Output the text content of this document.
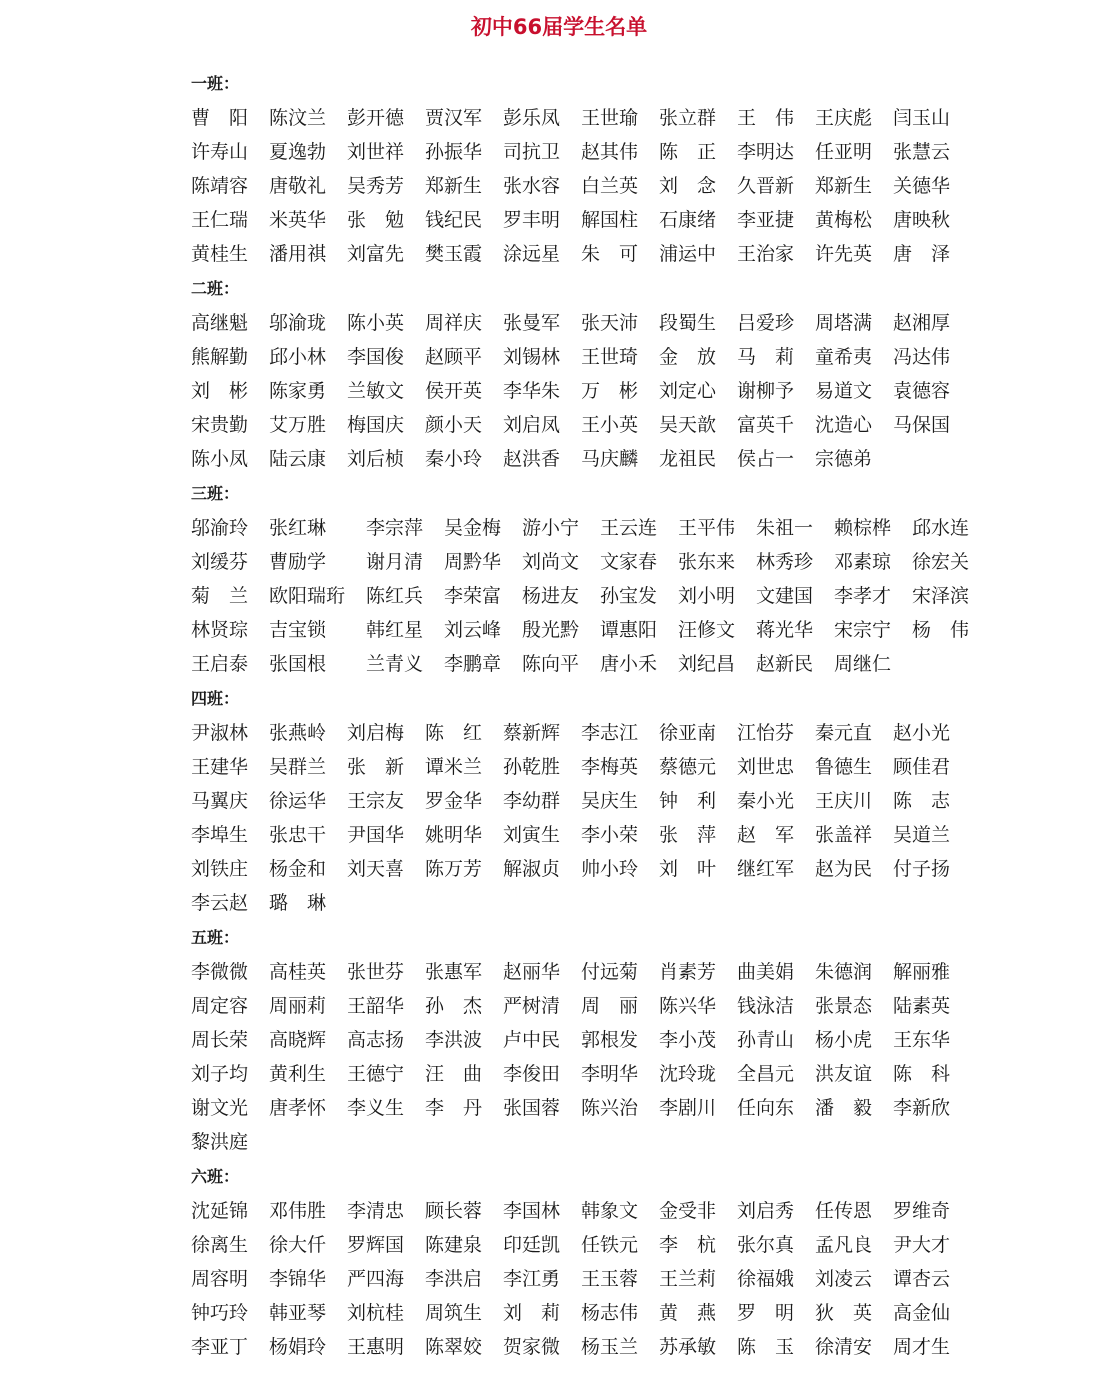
初中66届学生名单
一班：
曹　阳 陈汶兰 彭开德 贾汉军 彭乐凤 王世瑜 张立群 王　伟 王庆彪 闫玉山
许寿山 夏逸勃 刘世祥 孙振华 司抗卫 赵其伟 陈　正 李明达 任亚明 张慧云
陈靖容 唐敬礼 吴秀芳 郑新生 张水容 白兰英 刘　念 久晋新 郑新生 关德华
王仁瑞 米英华 张　勉 钱纪民 罗丰明 解国柱 石康绪 李亚捷 黄梅松 唐映秋
黄桂生 潘用祺 刘富先 樊玉霞 涂远星 朱　可 浦运中 王治家 许先英 唐　泽
二班：
高继魁 邬渝珑 陈小英 周祥庆 张曼军 张天沛 段蜀生 吕爱珍 周塔满 赵湘厚
熊解勤 邱小林 李国俊 赵顾平 刘锡林 王世琦 金　放 马　莉 童希夷 冯达伟
刘　彬 陈家勇 兰敏文 侯开英 李华朱 万　彬 刘定心 谢柳予 易道文 袁德容
宋贵勤 艾万胜 梅国庆 颜小天 刘启凤 王小英 吴天歆 富英千 沈造心 马保国
陈小凤 陆云康 刘后桢 秦小玲 赵洪香 马庆麟 龙祖民 侯占一 宗德弟
三班：
邬渝玲 张红琳 李宗萍 吴金梅 游小宁 王云连 王平伟 朱祖一 赖棕桦 邱水连
刘缓芬 曹励学 谢月清 周黔华 刘尚文 文家春 张东来 林秀珍 邓素琼 徐宏关
菊　兰 欧阳瑞珩 陈红兵 李荣富 杨进友 孙宝发 刘小明 文建国 李孝才 宋泽滨
林贤琮 吉宝锁 韩红星 刘云峰 殷光黔 谭惠阳 汪修文 蒋光华 宋宗宁 杨　伟
王启泰 张国根 兰青义 李鹏章 陈向平 唐小禾 刘纪昌 赵新民 周继仁
四班：
尹淑林 张燕岭 刘启梅 陈　红 蔡新辉 李志江 徐亚南 江怡芬 秦元直 赵小光
王建华 吴群兰 张　新 谭米兰 孙乾胜 李梅英 蔡德元 刘世忠 鲁德生 顾佳君
马翼庆 徐运华 王宗友 罗金华 李幼群 吴庆生 钟　利 秦小光 王庆川 陈　志
李埠生 张忠干 尹国华 姚明华 刘寅生 李小荣 张　萍 赵　军 张盖祥 吴道兰
刘铁庄 杨金和 刘天喜 陈万芳 解淑贞 帅小玲 刘　叶 继红军 赵为民 付子扬
李云赵 璐　琳
五班：
李微微 高桂英 张世芬 张惠军 赵丽华 付远菊 肖素芳 曲美娟 朱德润 解丽雅
周定容 周丽莉 王韶华 孙　杰 严树清 周　丽 陈兴华 钱泳洁 张景态 陆素英
周长荣 高晓辉 高志扬 李洪波 卢中民 郭根发 李小茂 孙青山 杨小虎 王东华
刘子均 黄利生 王德宁 汪　曲 李俊田 李明华 沈玲珑 全昌元 洪友谊 陈　科
谢文光 唐孝怀 李义生 李　丹 张国蓉 陈兴治 李剧川 任向东 潘　毅 李新欣
黎洪庭
六班：
沈延锦 邓伟胜 李清忠 顾长蓉 李国林 韩象文 金受非 刘启秀 任传恩 罗维奇
徐离生 徐大仟 罗辉国 陈建泉 印廷凯 任铁元 李　杭 张尔真 孟凡良 尹大才
周容明 李锦华 严四海 李洪启 李江勇 王玉蓉 王兰莉 徐福娥 刘凌云 谭杏云
钟巧玲 韩亚琴 刘杭桂 周筑生 刘　莉 杨志伟 黄　燕 罗　明 狄　英 高金仙
李亚丁 杨娟玲 王惠明 陈翠姣 贺家微 杨玉兰 苏承敏 陈　玉 徐清安 周才生
